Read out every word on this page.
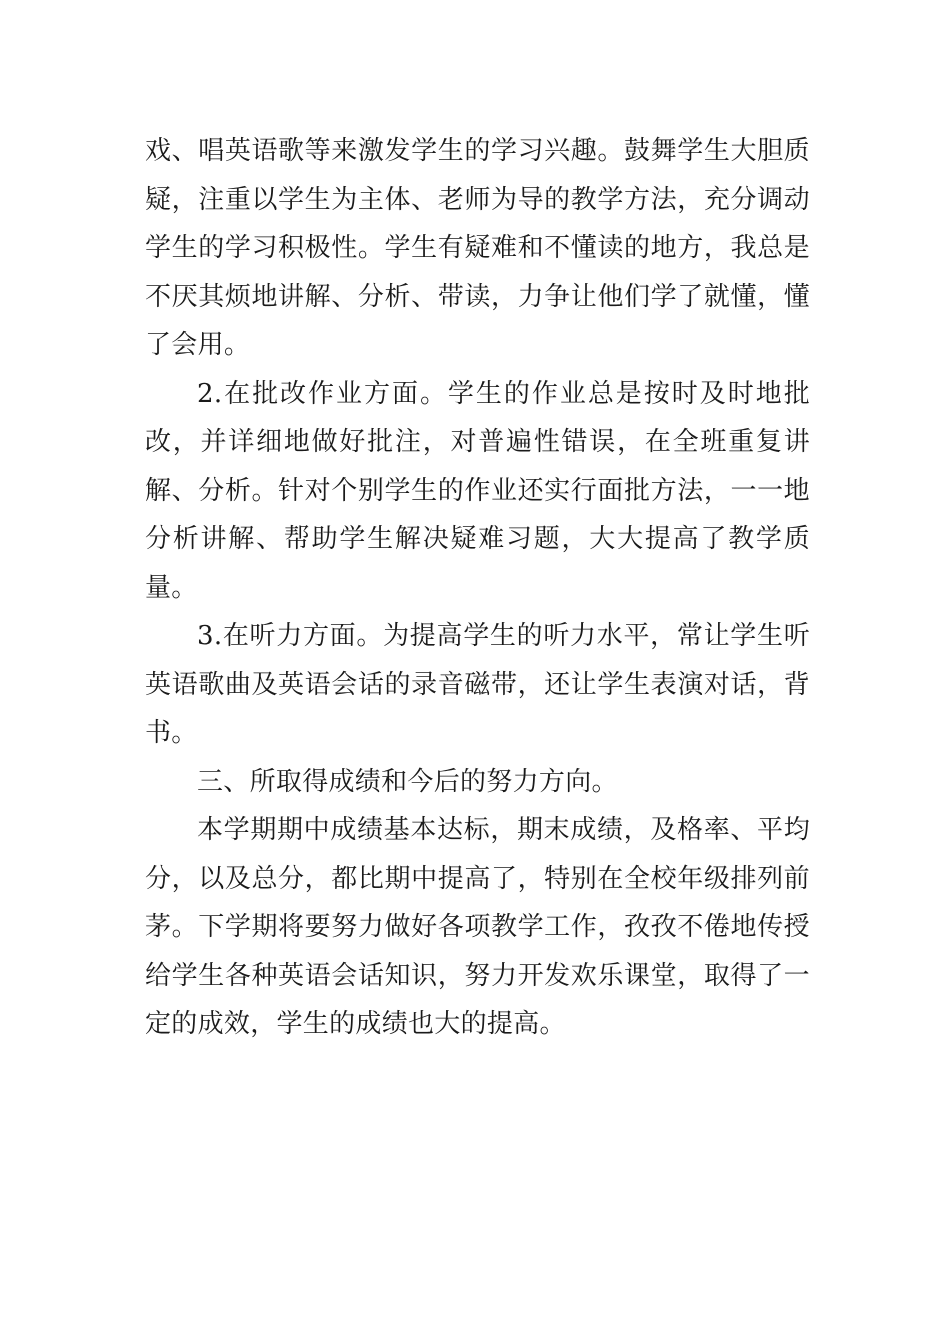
戏、唱英语歌等来激发学生的学习兴趣。鼓舞学生大胆质疑，注重以学生为主体、老师为导的教学方法，充分调动学生的学习积极性。学生有疑难和不懂读的地方，我总是不厌其烦地讲解、分析、带读，力争让他们学了就懂，懂了会用。

2.在批改作业方面。学生的作业总是按时及时地批改，并详细地做好批注，对普遍性错误，在全班重复讲解、分析。针对个别学生的作业还实行面批方法，一一地分析讲解、帮助学生解决疑难习题，大大提高了教学质量。

3.在听力方面。为提高学生的听力水平，常让学生听英语歌曲及英语会话的录音磁带，还让学生表演对话，背书。

三、所取得成绩和今后的努力方向。

本学期期中成绩基本达标，期末成绩，及格率、平均分，以及总分，都比期中提高了，特别在全校年级排列前茅。下学期将要努力做好各项教学工作，孜孜不倦地传授给学生各种英语会话知识，努力开发欢乐课堂，取得了一定的成效，学生的成绩也大的提高。
